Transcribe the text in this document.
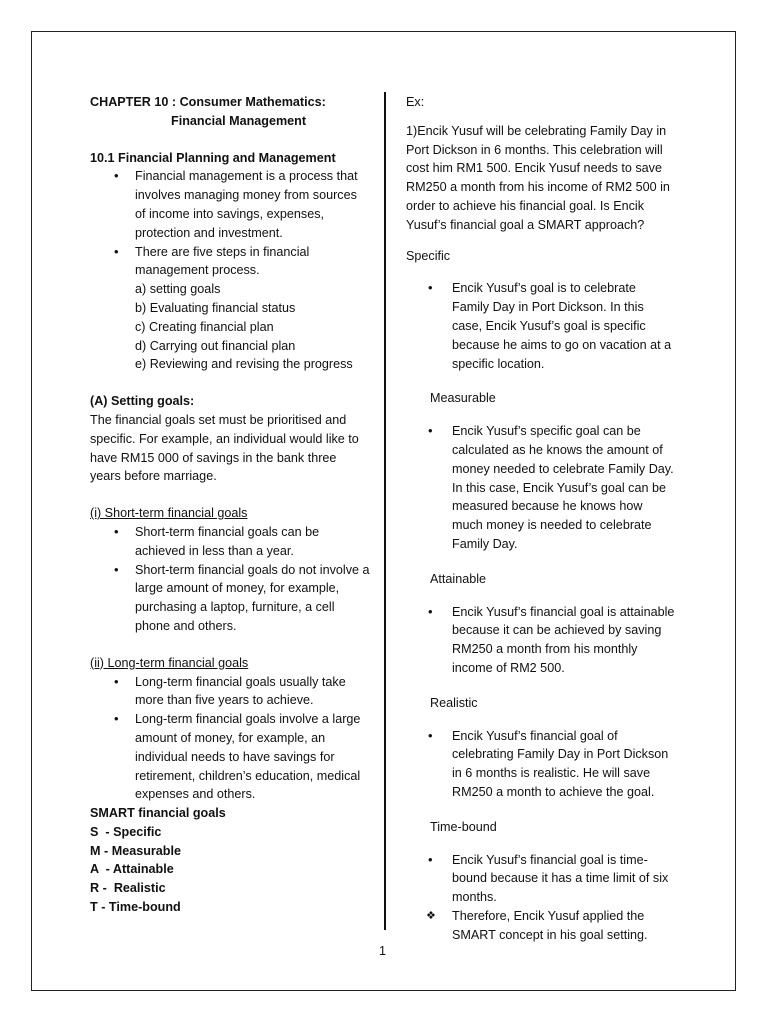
CHAPTER 10 : Consumer Mathematics:

Financial Management

10.1 Financial Planning and Management

• Financial management is a process that involves managing money from sources of income into savings, expenses, protection and investment.
• There are five steps in financial management process.

a) setting goals

b) Evaluating financial status

c) Creating financial plan

d) Carrying out financial plan

e) Reviewing and revising the progress

(A) Setting goals:

The financial goals set must be prioritised and specific. For example, an individual would like to have RM15 000 of savings in the bank three years before marriage.

(i) Short-term financial goals

• Short-term financial goals can be achieved in less than a year.
• Short-term financial goals do not involve a large amount of money, for example, purchasing a laptop, furniture, a cell phone and others.

(ii) Long-term financial goals

• Long-term financial goals usually take more than five years to achieve.
• Long-term financial goals involve a large amount of money, for example, an individual needs to have savings for retirement, children’s education, medical expenses and others.

SMART financial goals

S  - Specific

M - Measurable

A  - Attainable

R -  Realistic

T - Time-bound

Ex:

1)Encik Yusuf will be celebrating Family Day in Port Dickson in 6 months. This celebration will cost him RM1 500. Encik Yusuf needs to save RM250 a month from his income of RM2 500 in order to achieve his financial goal. Is Encik Yusuf’s financial goal a SMART approach?

Specific

• Encik Yusuf’s goal is to celebrate Family Day in Port Dickson. In this case, Encik Yusuf’s goal is specific because he aims to go on vacation at a specific location.

Measurable

• Encik Yusuf’s specific goal can be calculated as he knows the amount of money needed to celebrate Family Day. In this case, Encik Yusuf’s goal can be measured because he knows how much money is needed to celebrate Family Day.

Attainable

• Encik Yusuf’s financial goal is attainable because it can be achieved by saving RM250 a month from his monthly income of RM2 500.

Realistic

• Encik Yusuf’s financial goal of celebrating Family Day in Port Dickson in 6 months is realistic. He will save RM250 a month to achieve the goal.

Time-bound

• Encik Yusuf’s financial goal is time-bound because it has a time limit of six months.
❖ Therefore, Encik Yusuf applied the SMART concept in his goal setting.
1
